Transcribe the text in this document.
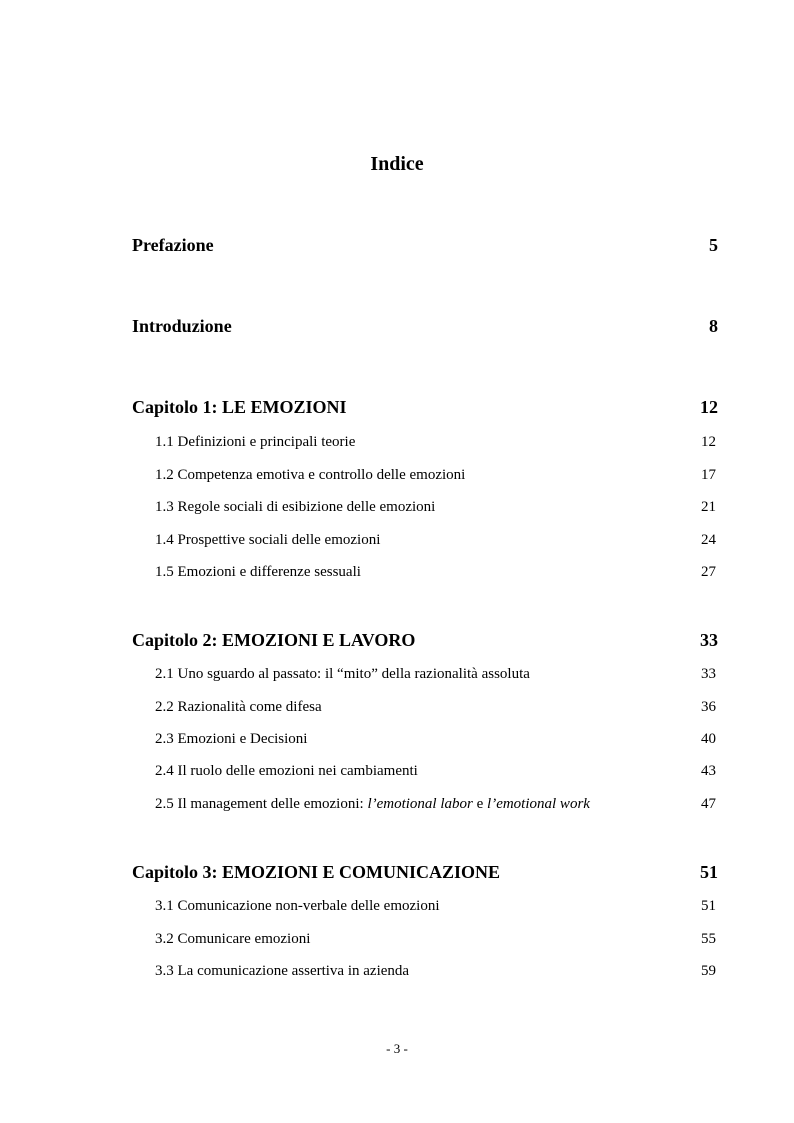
Indice
Prefazione	5
Introduzione	8
Capitolo 1: LE EMOZIONI	12
1.1 Definizioni e principali teorie	12
1.2 Competenza emotiva e controllo delle emozioni	17
1.3 Regole sociali di esibizione delle emozioni	21
1.4 Prospettive sociali delle emozioni	24
1.5 Emozioni e differenze sessuali	27
Capitolo 2: EMOZIONI E LAVORO	33
2.1 Uno sguardo al passato: il “mito” della razionalità assoluta	33
2.2 Razionalità come difesa	36
2.3 Emozioni e Decisioni	40
2.4 Il ruolo delle emozioni nei cambiamenti	43
2.5 Il management delle emozioni: l’emotional labor e l’emotional work	47
Capitolo 3: EMOZIONI E COMUNICAZIONE	51
3.1 Comunicazione non-verbale delle emozioni	51
3.2 Comunicare emozioni	55
3.3 La comunicazione assertiva in azienda	59
- 3 -
